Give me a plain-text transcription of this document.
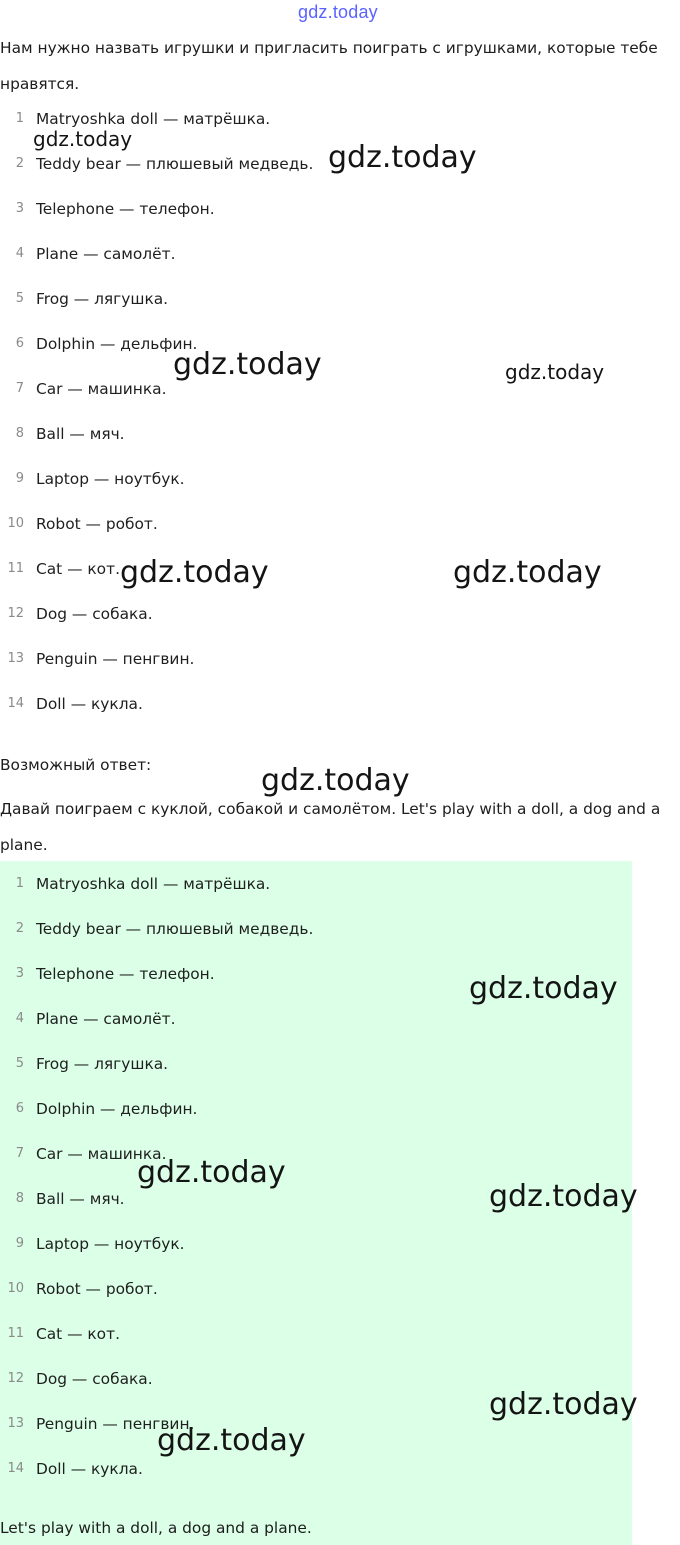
gdz.today
Нам нужно назвать игрушки и пригласить поиграть с игрушками, которые тебе нравятся.
1 Matryoshka doll — матрёшка.
2 Teddy bear — плюшевый медведь.
3 Telephone — телефон.
4 Plane — самолёт.
5 Frog — лягушка.
6 Dolphin — дельфин.
7 Car — машинка.
8 Ball — мяч.
9 Laptop — ноутбук.
10 Robot — робот.
11 Cat — кот.
12 Dog — собака.
13 Penguin — пенгвин.
14 Doll — кукла.
Возможный ответ:
Давай поиграем с куклой, собакой и самолётом. Let's play with a doll, a dog and a plane.
1 Matryoshka doll — матрёшка.
2 Teddy bear — плюшевый медведь.
3 Telephone — телефон.
4 Plane — самолёт.
5 Frog — лягушка.
6 Dolphin — дельфин.
7 Car — машинка.
8 Ball — мяч.
9 Laptop — ноутбук.
10 Robot — робот.
11 Cat — кот.
12 Dog — собака.
13 Penguin — пенгвин.
14 Doll — кукла.
Let's play with a doll, a dog and a plane.
gdz.today
gdz.today
gdz.today	gdz.today
gdz.today	gdz.today
gdz.today
gdz.today
gdz.today
gdz.today
gdz.today
gdz.today
